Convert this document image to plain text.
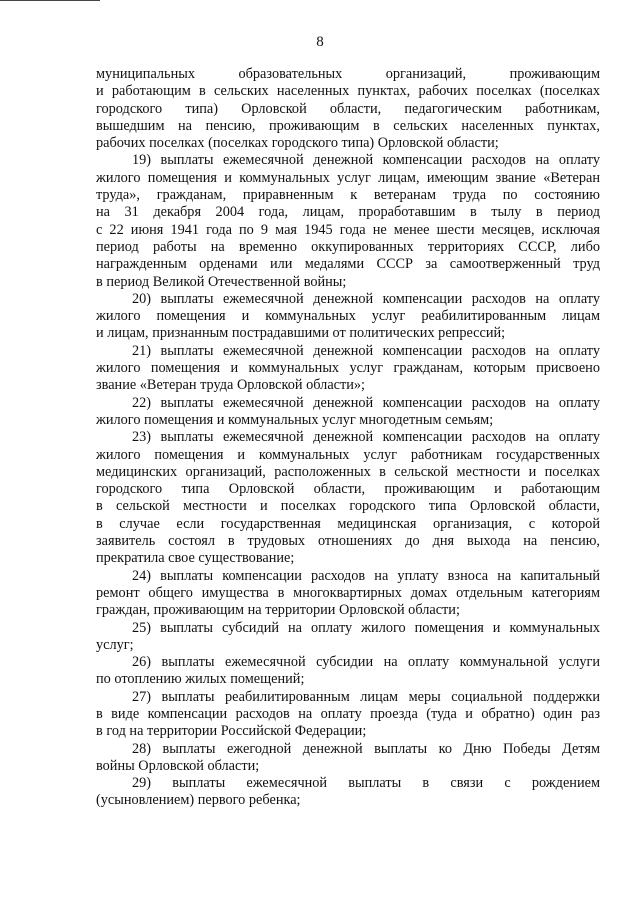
8
муниципальных образовательных организаций, проживающим
и работающим в сельских населенных пунктах, рабочих поселках (поселках
городского типа) Орловской области, педагогическим работникам,
вышедшим на пенсию, проживающим в сельских населенных пунктах,
рабочих поселках (поселках городского типа) Орловской области;
19) выплаты ежемесячной денежной компенсации расходов на оплату
жилого помещения и коммунальных услуг лицам, имеющим звание «Ветеран
труда», гражданам, приравненным к ветеранам труда по состоянию
на 31 декабря 2004 года, лицам, проработавшим в тылу в период
с 22 июня 1941 года по 9 мая 1945 года не менее шести месяцев, исключая
период работы на временно оккупированных территориях СССР, либо
награжденным орденами или медалями СССР за самоотверженный труд
в период Великой Отечественной войны;
20) выплаты ежемесячной денежной компенсации расходов на оплату
жилого помещения и коммунальных услуг реабилитированным лицам
и лицам, признанным пострадавшими от политических репрессий;
21) выплаты ежемесячной денежной компенсации расходов на оплату
жилого помещения и коммунальных услуг гражданам, которым присвоено
звание «Ветеран труда Орловской области»;
22) выплаты ежемесячной денежной компенсации расходов на оплату
жилого помещения и коммунальных услуг многодетным семьям;
23) выплаты ежемесячной денежной компенсации расходов на оплату
жилого помещения и коммунальных услуг работникам государственных
медицинских организаций, расположенных в сельской местности и поселках
городского типа Орловской области, проживающим и работающим
в сельской местности и поселках городского типа Орловской области,
в случае если государственная медицинская организация, с которой
заявитель состоял в трудовых отношениях до дня выхода на пенсию,
прекратила свое существование;
24) выплаты компенсации расходов на уплату взноса на капитальный
ремонт общего имущества в многоквартирных домах отдельным категориям
граждан, проживающим на территории Орловской области;
25) выплаты субсидий на оплату жилого помещения и коммунальных
услуг;
26) выплаты ежемесячной субсидии на оплату коммунальной услуги
по отоплению жилых помещений;
27) выплаты реабилитированным лицам меры социальной поддержки
в виде компенсации расходов на оплату проезда (туда и обратно) один раз
в год на территории Российской Федерации;
28) выплаты ежегодной денежной выплаты ко Дню Победы Детям
войны Орловской области;
29) выплаты ежемесячной выплаты в связи с рождением
(усыновлением) первого ребенка;
